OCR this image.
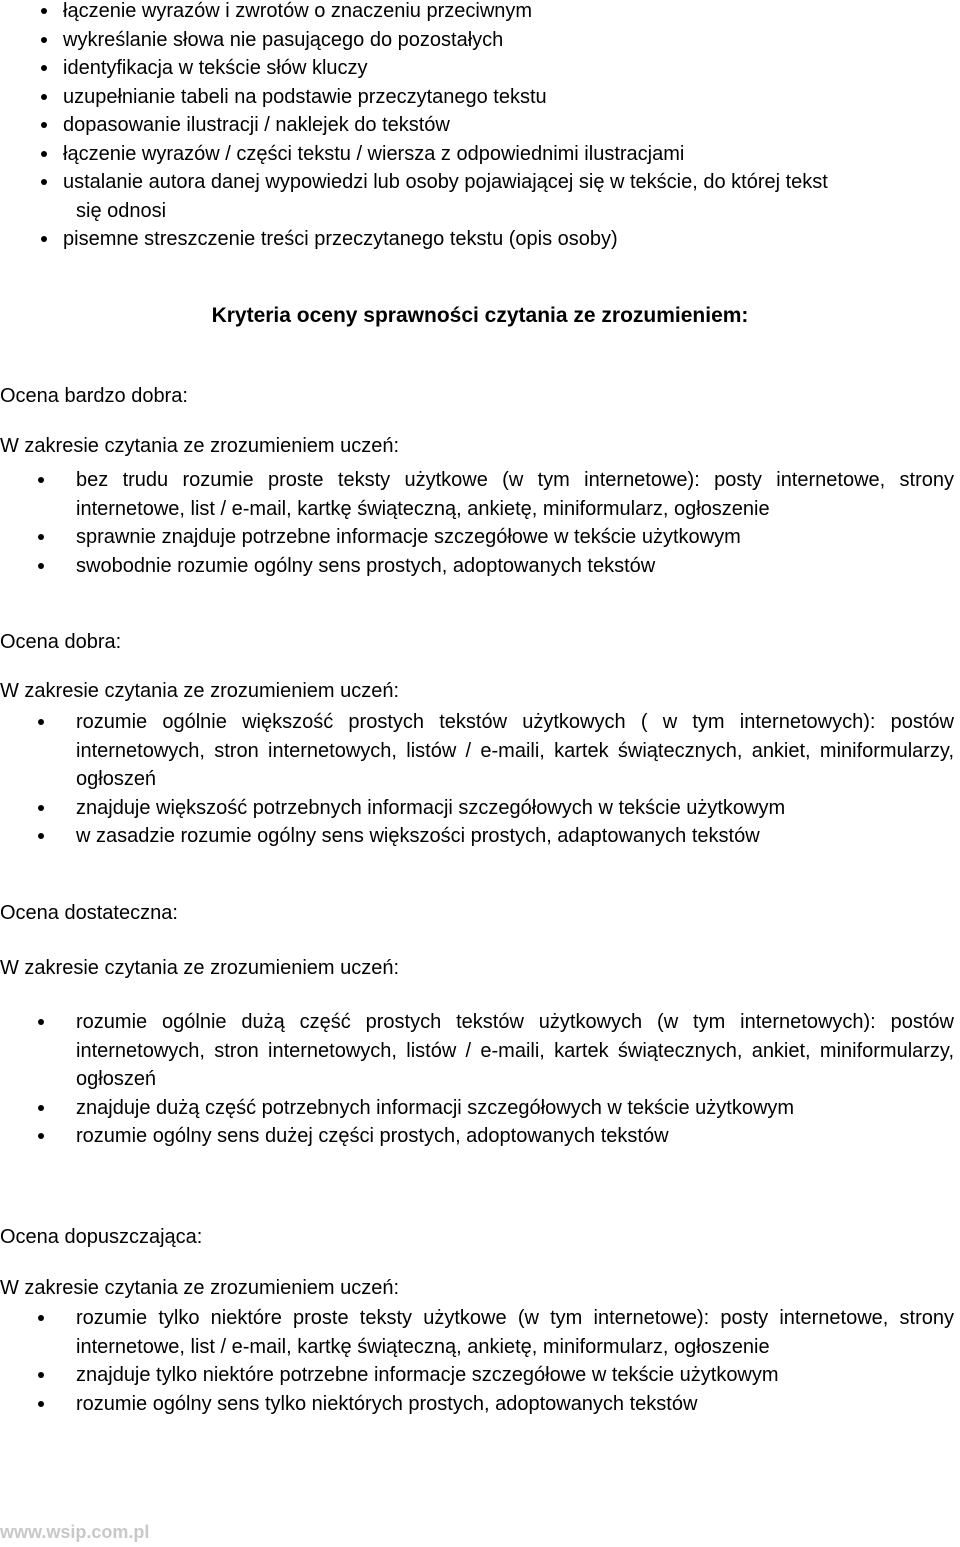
łączenie wyrazów i zwrotów o znaczeniu przeciwnym
wykreślanie słowa nie pasującego do pozostałych
identyfikacja w tekście słów kluczy
uzupełnianie tabeli na podstawie przeczytanego tekstu
dopasowanie ilustracji / naklejek do tekstów
łączenie wyrazów / części tekstu / wiersza z odpowiednimi ilustracjami
ustalanie autora danej wypowiedzi lub osoby pojawiającej się w tekście, do której tekst
się odnosi
pisemne streszczenie treści przeczytanego tekstu (opis osoby)
Kryteria oceny sprawności czytania ze zrozumieniem:
Ocena bardzo dobra:
W zakresie czytania ze zrozumieniem uczeń:
bez trudu rozumie proste teksty użytkowe (w tym internetowe): posty internetowe, strony internetowe, list / e-mail, kartkę świąteczną, ankietę, miniformularz, ogłoszenie
sprawnie znajduje potrzebne informacje szczegółowe w tekście użytkowym
swobodnie rozumie ogólny sens prostych, adoptowanych tekstów
Ocena dobra:
W zakresie czytania ze zrozumieniem uczeń:
rozumie ogólnie większość prostych tekstów użytkowych ( w tym internetowych): postów internetowych, stron internetowych, listów / e-maili, kartek świątecznych, ankiet, miniformularzy, ogłoszeń
znajduje większość potrzebnych informacji szczegółowych w tekście użytkowym
w zasadzie rozumie ogólny sens większości prostych, adaptowanych tekstów
Ocena dostateczna:
W zakresie czytania ze zrozumieniem uczeń:
rozumie ogólnie dużą część prostych tekstów użytkowych (w tym internetowych): postów internetowych, stron internetowych, listów / e-maili, kartek świątecznych, ankiet, miniformularzy, ogłoszeń
znajduje dużą część potrzebnych informacji szczegółowych w tekście użytkowym
rozumie ogólny sens dużej części prostych, adoptowanych tekstów
Ocena dopuszczająca:
W zakresie czytania ze zrozumieniem uczeń:
rozumie tylko niektóre proste teksty użytkowe (w tym internetowe): posty internetowe, strony internetowe, list / e-mail, kartkę świąteczną, ankietę, miniformularz, ogłoszenie
znajduje tylko niektóre potrzebne informacje szczegółowe w tekście użytkowym
rozumie ogólny sens tylko niektórych prostych, adoptowanych tekstów
www.wsip.com.pl
